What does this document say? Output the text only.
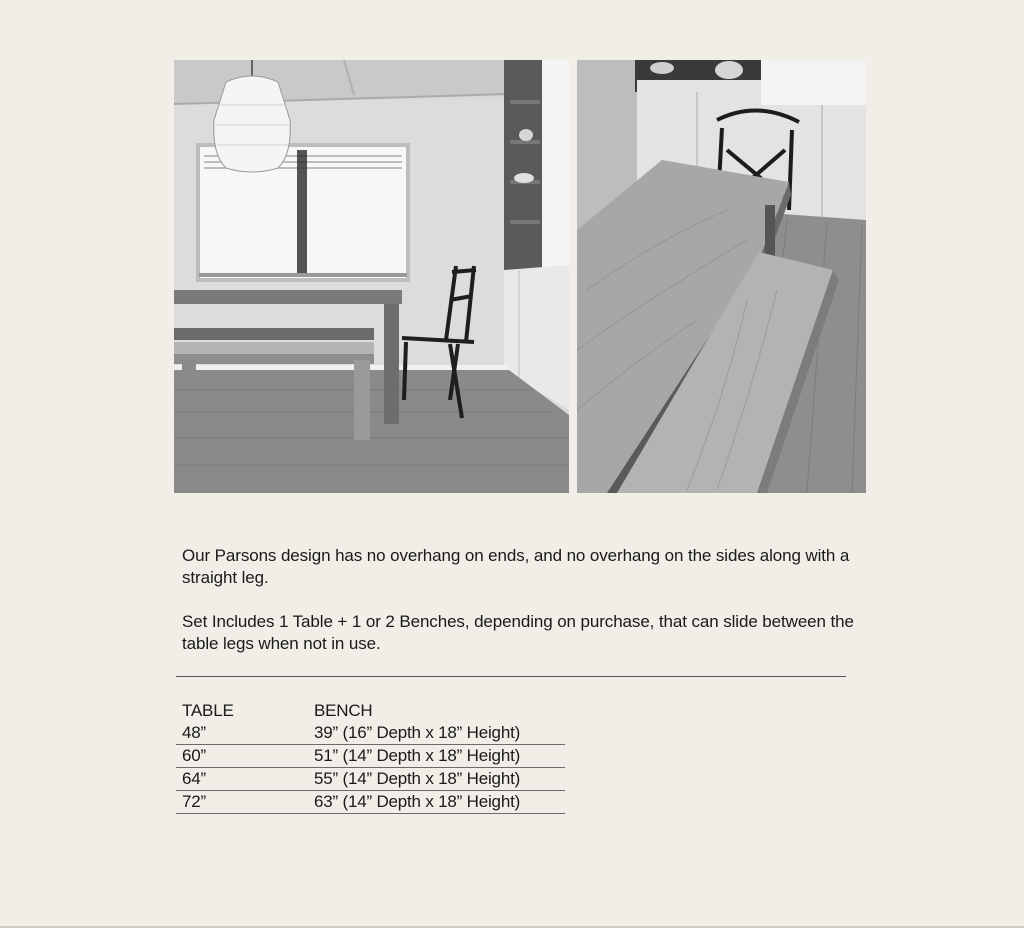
Our Parsons design has no overhang on ends, and no overhang on the sides along with a straight leg.

Set Includes 1 Table + 1 or 2 Benches, depending on purchase, that can slide between the table legs when not in use.

TABLE	BENCH
48”	39” (16” Depth x 18” Height)
60”	51” (14” Depth x 18” Height)
64”	55” (14” Depth x 18” Height)
72”	63” (14” Depth x 18” Height)
